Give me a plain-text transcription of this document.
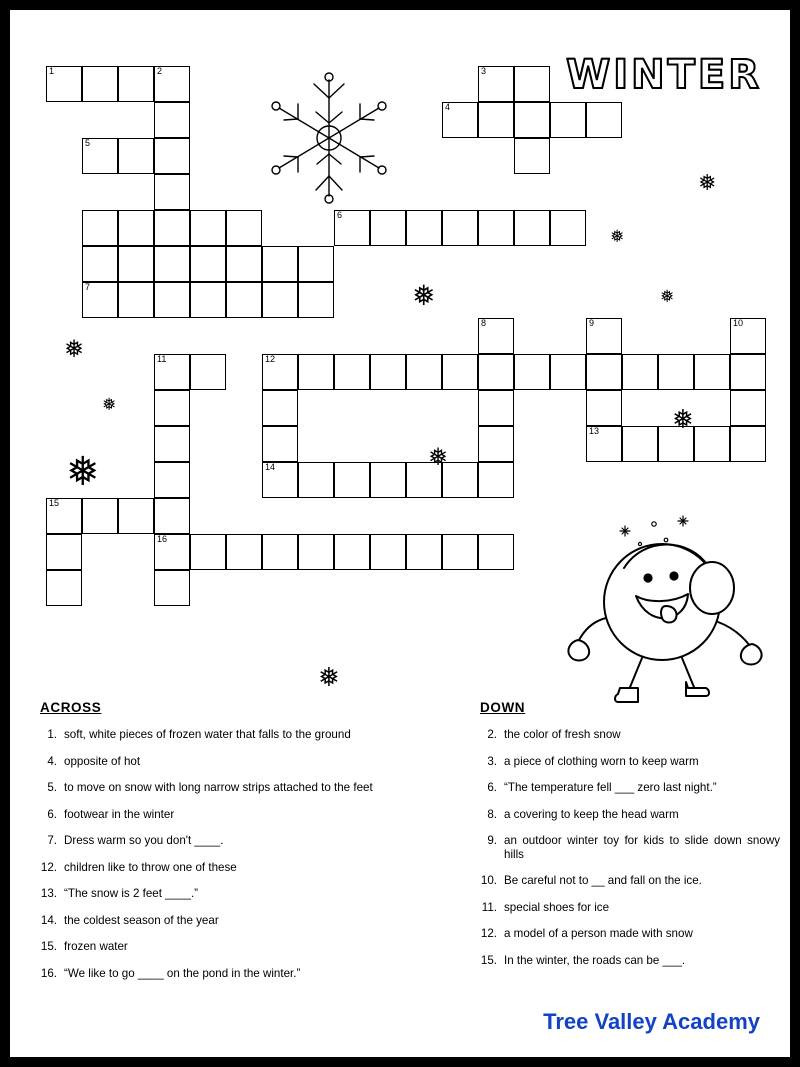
WINTER
1	2
5
3
4
6
7
8	9	10
11	12
13
14
15
16
❅
❅
❅
❅
❅
❅
❅
❅
❅
❅
ACROSS
1. soft, white pieces of frozen water that falls to the ground
4. opposite of hot
5. to move on snow with long narrow strips attached to the feet
6. footwear in the winter
7. Dress warm so you don't ____.
12. children like to throw one of these
13. “The snow is 2 feet ____.”
14. the coldest season of the year
15. frozen water
16. “We like to go ____ on the pond in the winter.”
DOWN
2. the color of fresh snow
3. a piece of clothing worn to keep warm
6. “The temperature fell ___ zero last night.”
8. a covering to keep the head warm
9. an outdoor winter toy for kids to slide down snowy hills
10. Be careful not to __ and fall on the ice.
11. special shoes for ice
12. a model of a person made with snow
15. In the winter, the roads can be ___.
Tree Valley Academy
